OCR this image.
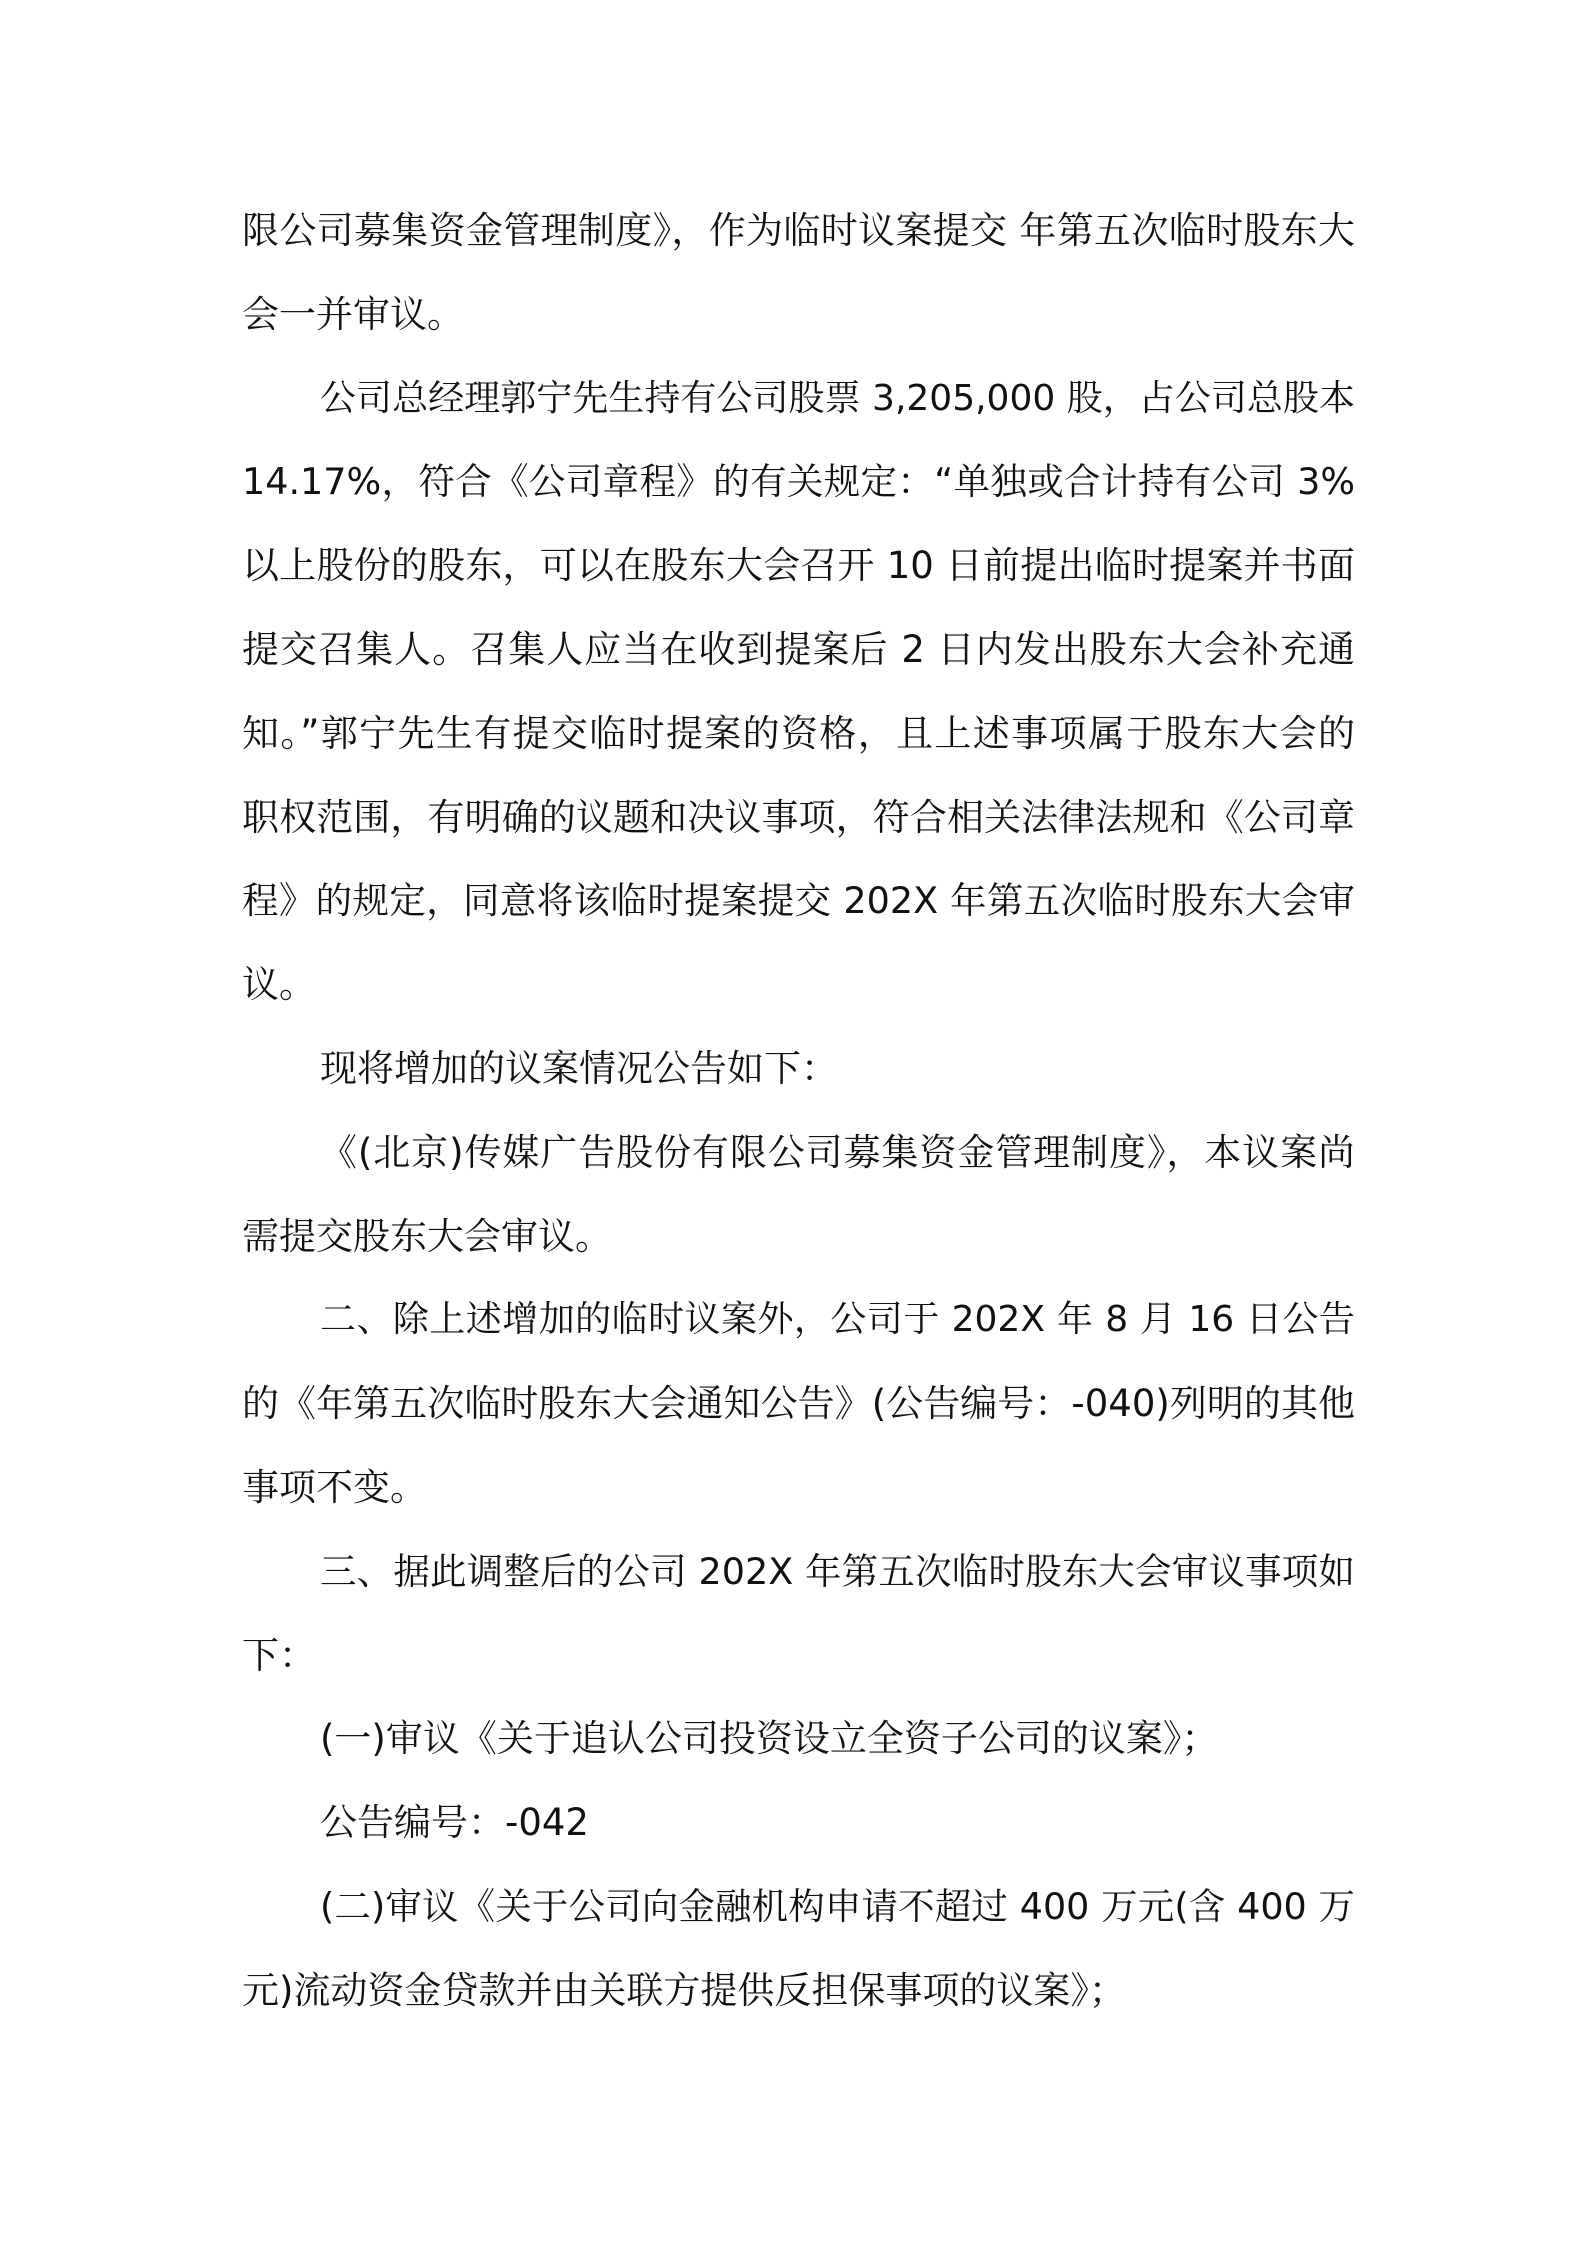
限公司募集资金管理制度》，作为临时议案提交 年第五次临时股东大
会一并审议。
公司总经理郭宁先生持有公司股票 3,205,000 股，占公司总股本
14.17%，符合《公司章程》的有关规定：“单独或合计持有公司 3%
以上股份的股东，可以在股东大会召开 10 日前提出临时提案并书面
提交召集人。召集人应当在收到提案后 2 日内发出股东大会补充通
知。”郭宁先生有提交临时提案的资格，且上述事项属于股东大会的
职权范围，有明确的议题和决议事项，符合相关法律法规和《公司章
程》的规定，同意将该临时提案提交 202X 年第五次临时股东大会审
议。
现将增加的议案情况公告如下：
《(北京)传媒广告股份有限公司募集资金管理制度》，本议案尚
需提交股东大会审议。
二、除上述增加的临时议案外，公司于 202X 年 8 月 16 日公告
的《年第五次临时股东大会通知公告》(公告编号：-040)列明的其他
事项不变。
三、据此调整后的公司 202X 年第五次临时股东大会审议事项如
下：
(一)审议《关于追认公司投资设立全资子公司的议案》；
公告编号：-042
(二)审议《关于公司向金融机构申请不超过 400 万元(含 400 万
元)流动资金贷款并由关联方提供反担保事项的议案》；
